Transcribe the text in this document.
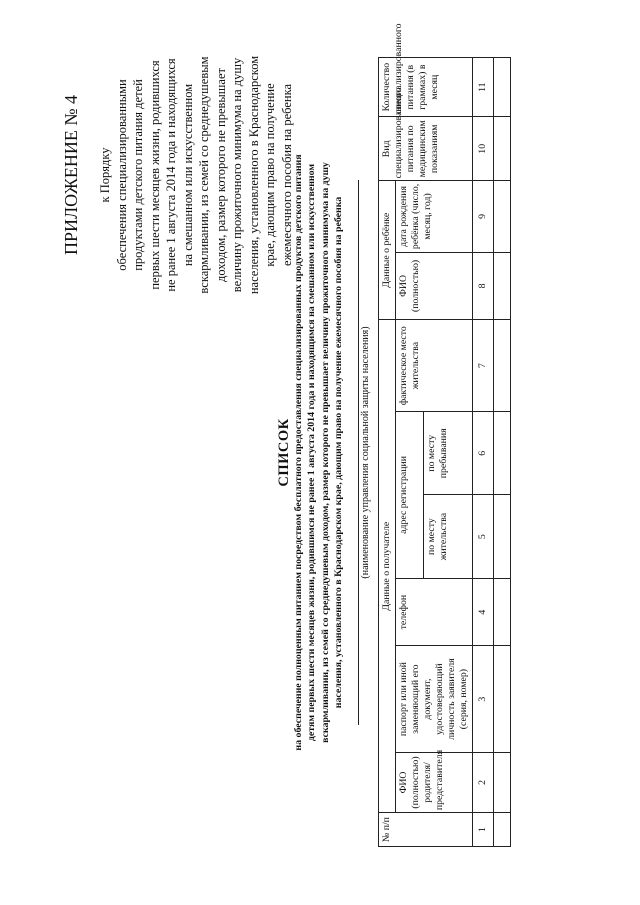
ПРИЛОЖЕНИЕ № 4 к Порядку обеспечения специализированными продуктами детского питания детей первых шести месяцев жизни, родившихся не ранее 1 августа 2014 года и находящихся на смешанном или искусственном вскармливании, из семей со среднедушевым доходом, размер которого не превышает величину прожиточного минимума на душу населения, установленного в Краснодарском крае, дающим право на получение ежемесячного пособия на ребенка
СПИСОК на обеспечение полноценным питанием посредством бесплатного предоставления специализированных продуктов детского питания детям первых шести месяцев жизни, родившимся не ранее 1 августа 2014 года и находящимся на смешанном или искусственном вскармливании, из семей со среднедушевым доходом, размер которого не превышает величину прожиточного минимума на душу населения, установленного в Краснодарском крае, дающим право на получение ежемесячного пособия на ребенка (наименование управления социальной защиты населения)
№ п/п	Данные о получателе						Данные о ребёнке		Вид специализированного питания по медицинским показаниям	Количество специализированного питания (в граммах) в месяц
	ФИО (полностью) родителя/представителя	паспорт или иной заменяющий его документ, удостоверяющий личность заявителя (серия, номер)	телефон	адрес регистрации		фактическое место жительства	ФИО (полностью)	дата рождения ребёнка (число, месяц, год)		
				по месту жительства	по месту пребывания					
1	2	3	4	5	6	7	8	9	10	11
